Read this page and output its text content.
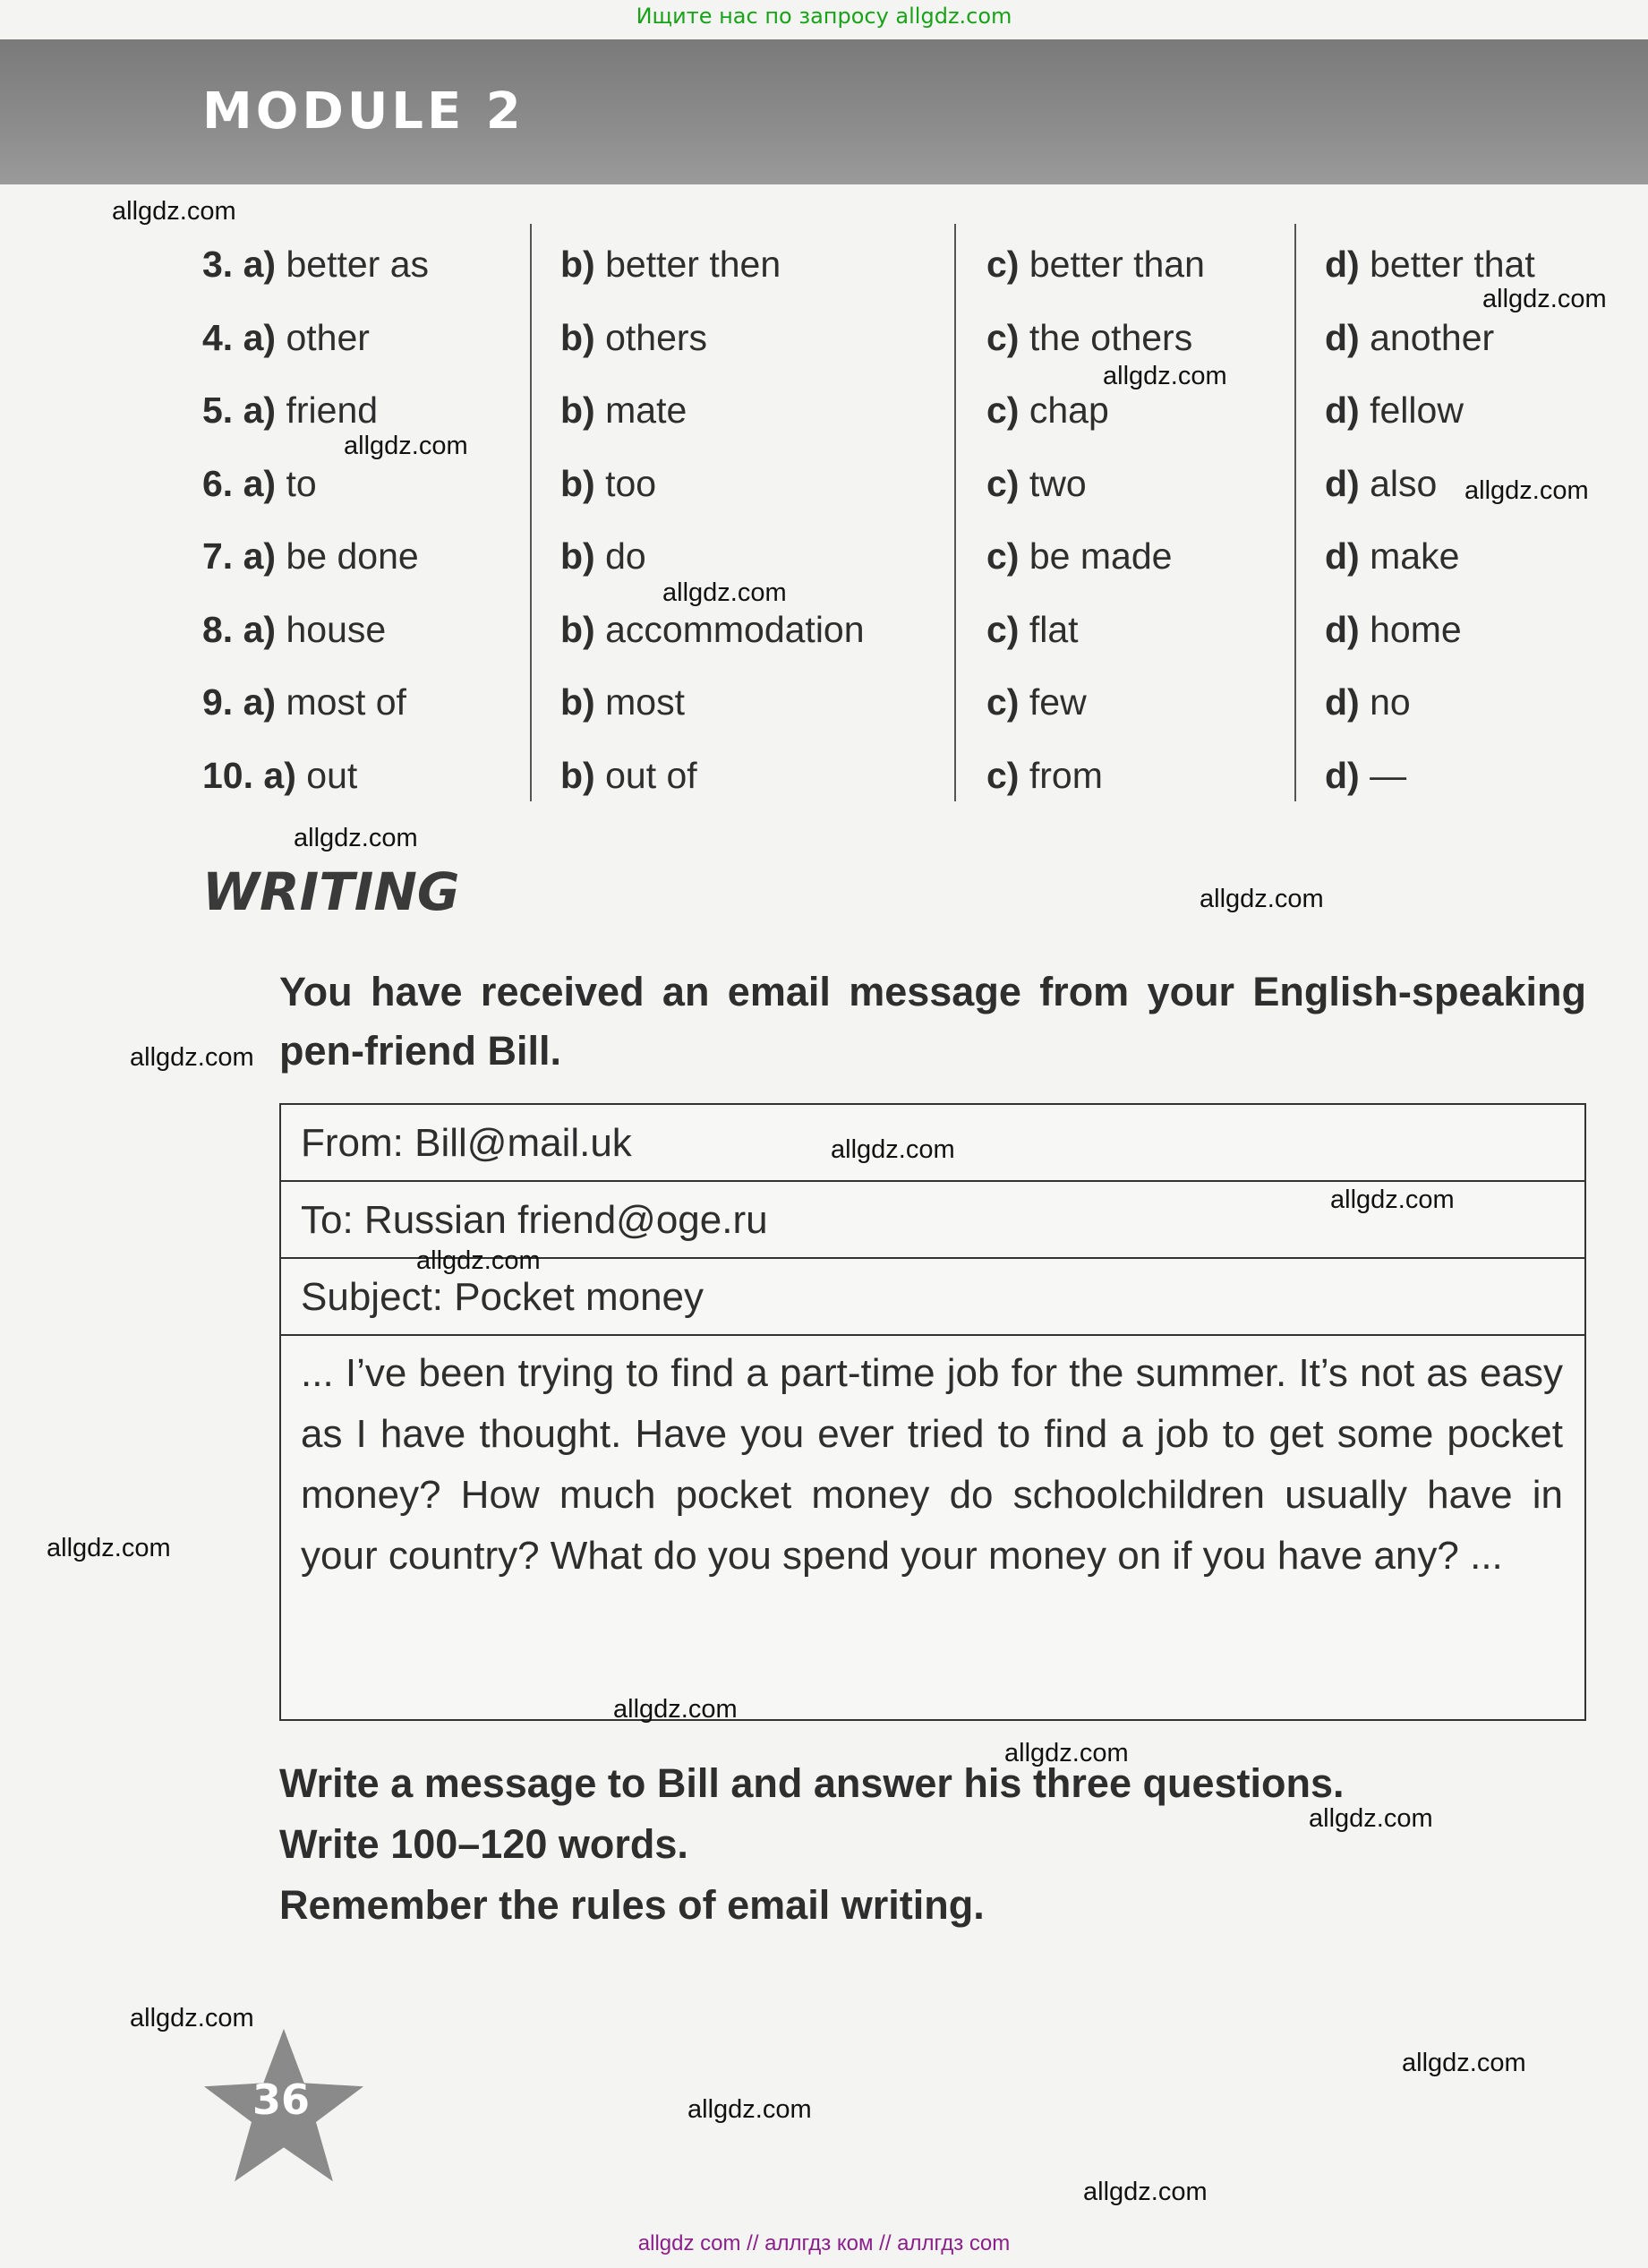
Ищите нас по запросу allgdz.com
MODULE 2
3. a) better as	b) better then	c) better than	d) better that
4. a) other	b) others	c) the others	d) another
5. a) friend	b) mate	c) chap	d) fellow
6. a) to	b) too	c) two	d) also
7. a) be done	b) do	c) be made	d) make
8. a) house	b) accommodation	c) flat	d) home
9. a) most of	b) most	c) few	d) no
10. a) out	b) out of	c) from	d) —
WRITING
You have received an email message from your English-speaking pen-friend Bill.
From: Bill@mail.uk
To: Russian friend@oge.ru
Subject: Pocket money
... I’ve been trying to find a part-time job for the summer. It’s not as easy as I have thought. Have you ever tried to find a job to get some pocket money? How much pocket money do schoolchildren usually have in your country? What do you spend your money on if you have any? ...

Write a message to Bill and answer his three questions.

Write 100–120 words.

Remember the rules of email writing.

36
allgdz.com
allgdz.com
allgdz.com
allgdz.com
allgdz.com
allgdz.com
allgdz.com
allgdz.com
allgdz.com
allgdz.com
allgdz.com
allgdz.com
allgdz.com
allgdz.com
allgdz.com
allgdz.com
allgdz.com
allgdz.com
allgdz.com
allgdz.com
allgdz com // аллгдз ком // аллгдз com
